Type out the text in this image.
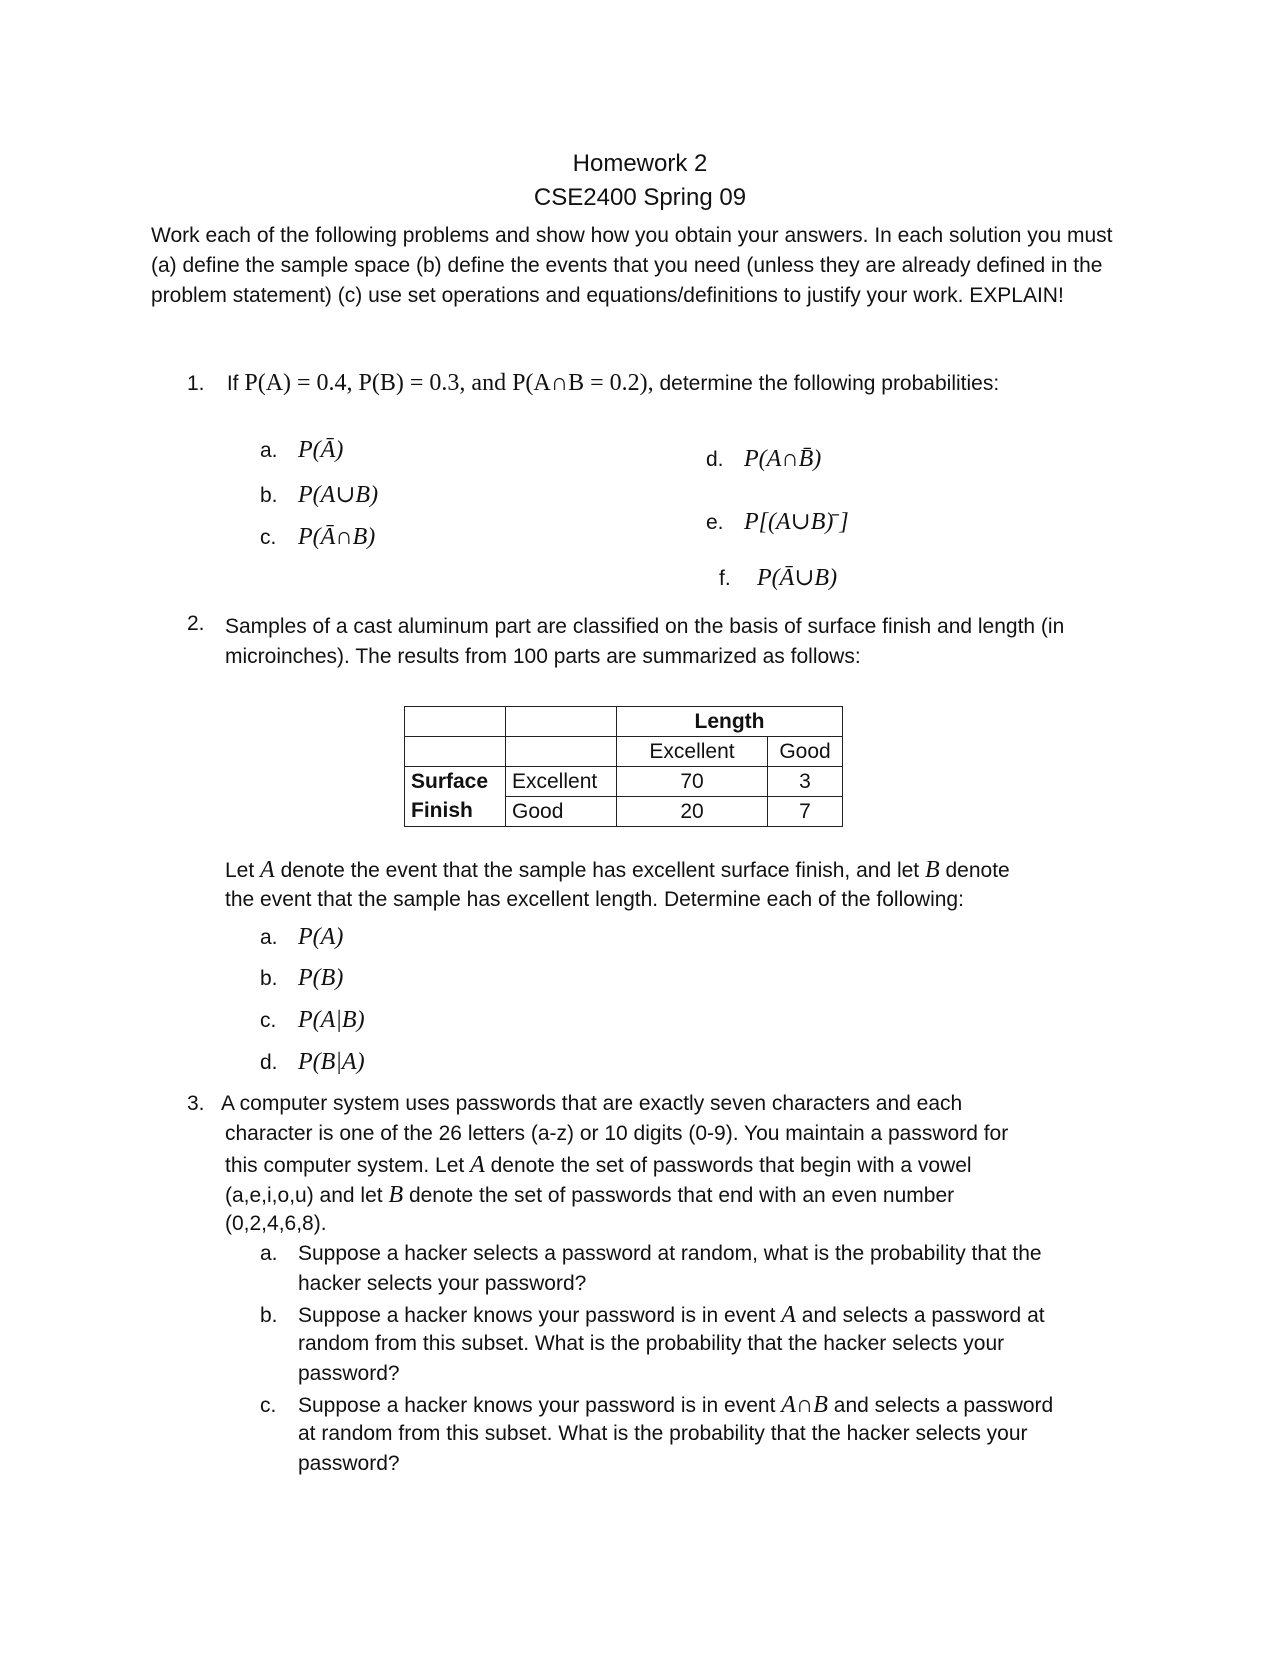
Homework 2
CSE2400 Spring 09
Work each of the following problems and show how you obtain your answers. In each solution you must (a) define the sample space (b) define the events that you need (unless they are already defined in the problem statement) (c) use set operations and equations/definitions to justify your work. EXPLAIN!
1. If P(A) = 0.4, P(B) = 0.3, and P(A∩B = 0.2), determine the following probabilities:
a. P(Ā)
b. P(A∪B)
c. P(Ā∩B)
d. P(A∩B̄)
e. P[(A∪B)̄ ]
f. P(Ā∪B)
2. Samples of a cast aluminum part are classified on the basis of surface finish and length (in microinches). The results from 100 parts are summarized as follows:
		Length	
		Excellent	Good
Surface	Excellent	70	3
Finish	Good	20	7
Let A denote the event that the sample has excellent surface finish, and let B denote
the event that the sample has excellent length. Determine each of the following:
a. P(A)
b. P(B)
c. P(A|B)
d. P(B|A)
3. A computer system uses passwords that are exactly seven characters and each
character is one of the 26 letters (a-z) or 10 digits (0-9). You maintain a password for
this computer system. Let A denote the set of passwords that begin with a vowel
(a,e,i,o,u) and let B denote the set of passwords that end with an even number
(0,2,4,6,8).
a. Suppose a hacker selects a password at random, what is the probability that the
hacker selects your password?
b. Suppose a hacker knows your password is in event A and selects a password at
random from this subset. What is the probability that the hacker selects your
password?
c. Suppose a hacker knows your password is in event A∩B and selects a password
at random from this subset. What is the probability that the hacker selects your
password?
